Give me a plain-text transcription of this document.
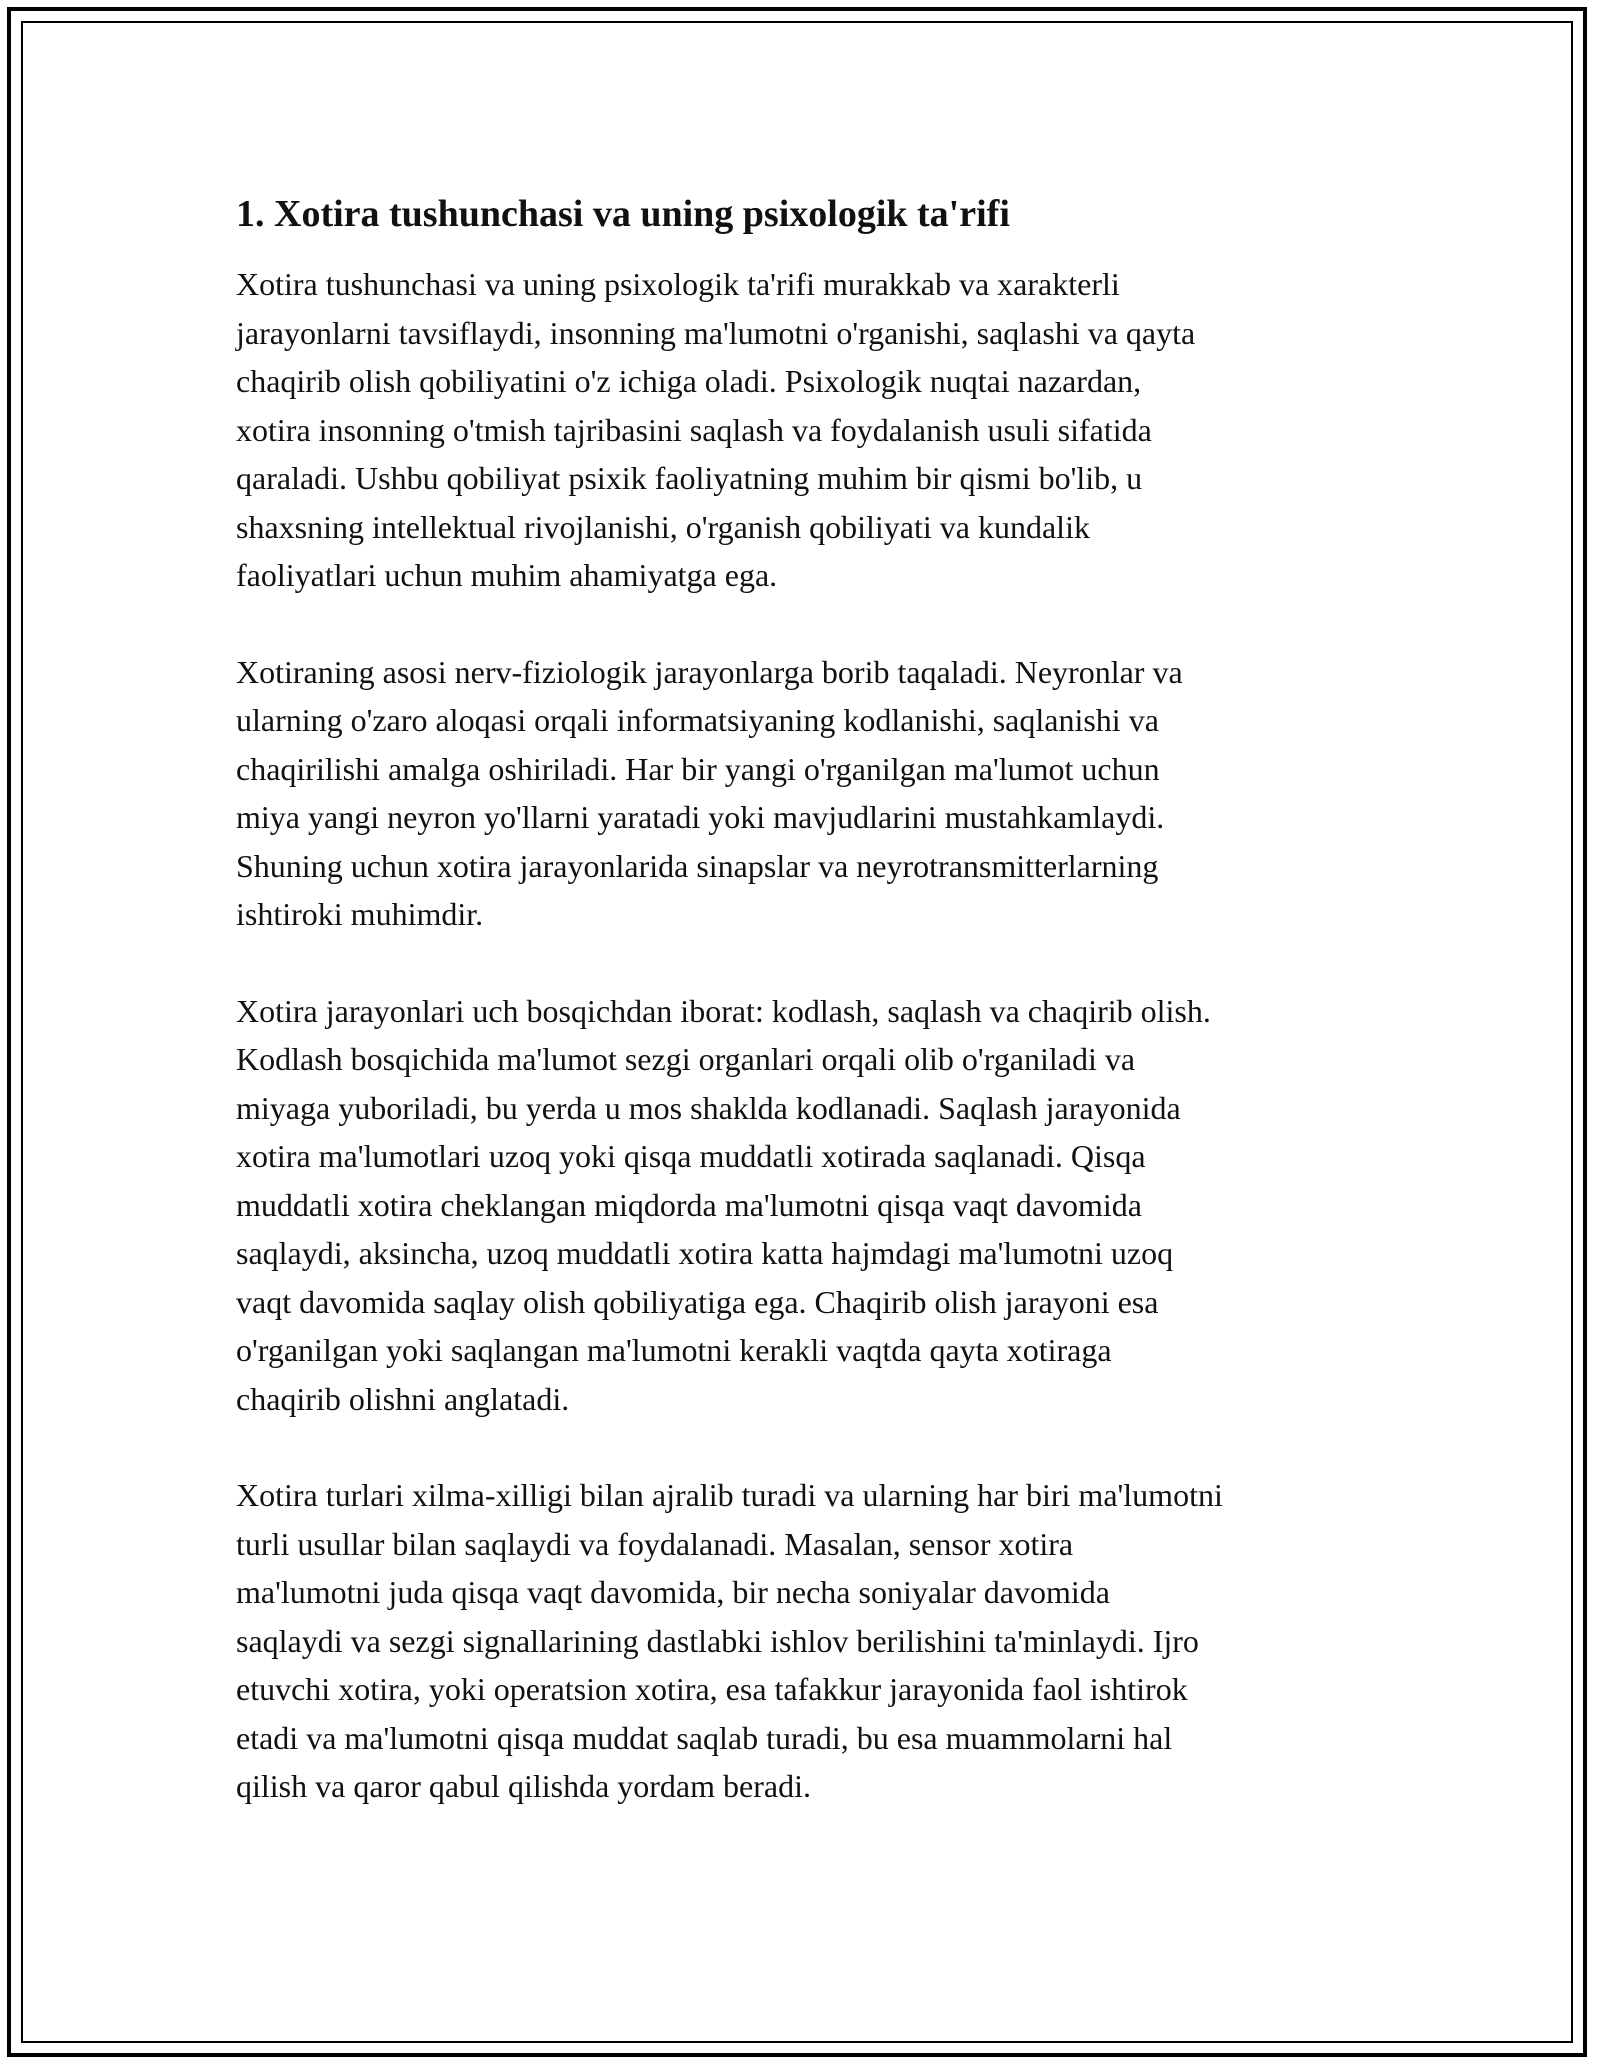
1. Xotira tushunchasi va uning psixologik ta'rifi

Xotira tushunchasi va uning psixologik ta'rifi murakkab va xarakterli
jarayonlarni tavsiflaydi, insonning ma'lumotni o'rganishi, saqlashi va qayta
chaqirib olish qobiliyatini o'z ichiga oladi. Psixologik nuqtai nazardan,
xotira insonning o'tmish tajribasini saqlash va foydalanish usuli sifatida
qaraladi. Ushbu qobiliyat psixik faoliyatning muhim bir qismi bo'lib, u
shaxsning intellektual rivojlanishi, o'rganish qobiliyati va kundalik
faoliyatlari uchun muhim ahamiyatga ega.

Xotiraning asosi nerv-fiziologik jarayonlarga borib taqaladi. Neyronlar va
ularning o'zaro aloqasi orqali informatsiyaning kodlanishi, saqlanishi va
chaqirilishi amalga oshiriladi. Har bir yangi o'rganilgan ma'lumot uchun
miya yangi neyron yo'llarni yaratadi yoki mavjudlarini mustahkamlaydi.
Shuning uchun xotira jarayonlarida sinapslar va neyrotransmitterlarning
ishtiroki muhimdir.

Xotira jarayonlari uch bosqichdan iborat: kodlash, saqlash va chaqirib olish.
Kodlash bosqichida ma'lumot sezgi organlari orqali olib o'rganiladi va
miyaga yuboriladi, bu yerda u mos shaklda kodlanadi. Saqlash jarayonida
xotira ma'lumotlari uzoq yoki qisqa muddatli xotirada saqlanadi. Qisqa
muddatli xotira cheklangan miqdorda ma'lumotni qisqa vaqt davomida
saqlaydi, aksincha, uzoq muddatli xotira katta hajmdagi ma'lumotni uzoq
vaqt davomida saqlay olish qobiliyatiga ega. Chaqirib olish jarayoni esa
o'rganilgan yoki saqlangan ma'lumotni kerakli vaqtda qayta xotiraga
chaqirib olishni anglatadi.

Xotira turlari xilma-xilligi bilan ajralib turadi va ularning har biri ma'lumotni
turli usullar bilan saqlaydi va foydalanadi. Masalan, sensor xotira
ma'lumotni juda qisqa vaqt davomida, bir necha soniyalar davomida
saqlaydi va sezgi signallarining dastlabki ishlov berilishini ta'minlaydi. Ijro
etuvchi xotira, yoki operatsion xotira, esa tafakkur jarayonida faol ishtirok
etadi va ma'lumotni qisqa muddat saqlab turadi, bu esa muammolarni hal
qilish va qaror qabul qilishda yordam beradi.
